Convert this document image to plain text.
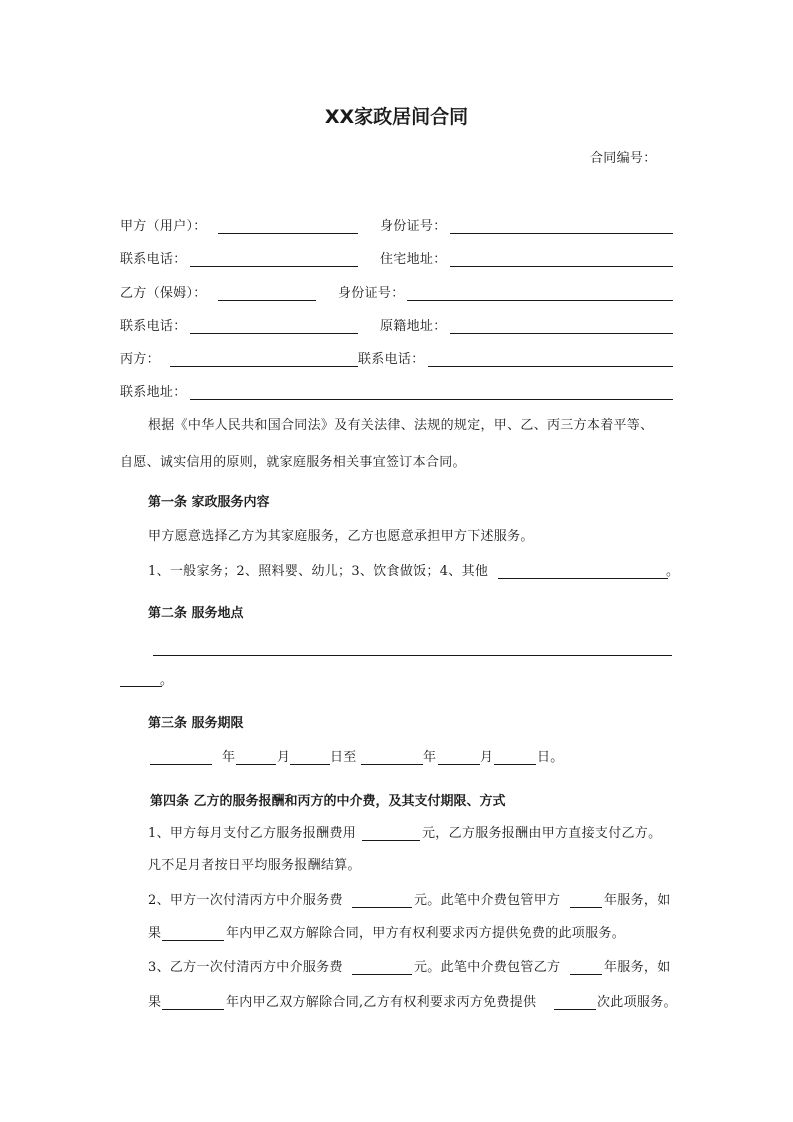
XX家政居间合同
合同编号：
甲方（用户）：	身份证号：
联系电话：	住宅地址：
乙方（保姆）：	身份证号：
联系电话：	原籍地址：
丙方：	联系电话：
联系地址：
根据《中华人民共和国合同法》及有关法律、法规的规定，甲、乙、丙三方本着平等、
自愿、诚实信用的原则，就家庭服务相关事宜签订本合同。
第一条 家政服务内容
甲方愿意选择乙方为其家庭服务，乙方也愿意承担甲方下述服务。
1、一般家务；2、照料婴、幼儿；3、饮食做饭；4、其他	。
第二条 服务地点
。
第三条 服务期限
年	月	日至	年	月	日。
第四条 乙方的服务报酬和丙方的中介费，及其支付期限、方式
1、甲方每月支付乙方服务报酬费用	元，乙方服务报酬由甲方直接支付乙方。
凡不足月者按日平均服务报酬结算。
2、甲方一次付清丙方中介服务费	元。此笔中介费包管甲方	年服务，如
果	年内甲乙双方解除合同，甲方有权利要求丙方提供免费的此项服务。
3、乙方一次付清丙方中介服务费	元。此笔中介费包管乙方	年服务，如
果	年内甲乙双方解除合同,乙方有权利要求丙方免费提供	次此项服务。
